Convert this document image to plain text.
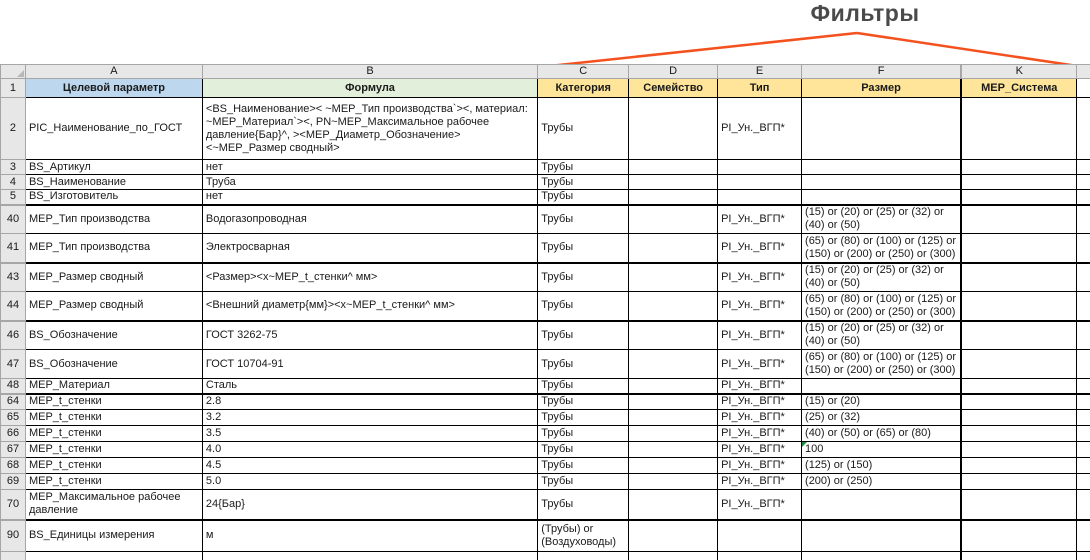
Фильтры
	A	B	C	D	E	F	K	
1	Целевой параметр	Формула	Категория	Семейство	Тип	Размер	МЕР_Система	
2	PIC_Наименование_по_ГОСТ	<BS_Наименование>< ~МЕР_Тип производства`><, материал: ~МЕР_Материал`><, PN~МЕР_Максимальное рабочее давление{Бар}^, ><МЕР_Диаметр_Обозначение><~МЕР_Размер сводный>	Трубы		PI_Ун._ВГП*			
3	BS_Артикул	нет	Трубы					
4	BS_Наименование	Труба	Трубы					
5	BS_Изготовитель	нет	Трубы					
40	МЕР_Тип производства	Водогазопроводная	Трубы		PI_Ун._ВГП*	(15) or (20) or (25) or (32) or (40) or (50)		
41	МЕР_Тип производства	Электросварная	Трубы		PI_Ун._ВГП*	(65) or (80) or (100) or (125) or (150) or (200) or (250) or (300)		
43	МЕР_Размер сводный	<Размер><x~MEP_t_стенки^ мм>	Трубы		PI_Ун._ВГП*	(15) or (20) or (25) or (32) or (40) or (50)		
44	МЕР_Размер сводный	<Внешний диаметр{мм}><x~MEP_t_стенки^ мм>	Трубы		PI_Ун._ВГП*	(65) or (80) or (100) or (125) or (150) or (200) or (250) or (300)		
46	BS_Обозначение	ГОСТ 3262-75	Трубы		PI_Ун._ВГП*	(15) or (20) or (25) or (32) or (40) or (50)		
47	BS_Обозначение	ГОСТ 10704-91	Трубы		PI_Ун._ВГП*	(65) or (80) or (100) or (125) or (150) or (200) or (250) or (300)		
48	МЕР_Материал	Сталь	Трубы		PI_Ун._ВГП*			
64	MEP_t_стенки	2.8	Трубы		PI_Ун._ВГП*	(15) or (20)		
65	MEP_t_стенки	3.2	Трубы		PI_Ун._ВГП*	(25) or (32)		
66	MEP_t_стенки	3.5	Трубы		PI_Ун._ВГП*	(40) or (50) or (65) or (80)		
67	MEP_t_стенки	4.0	Трубы		PI_Ун._ВГП*	100		
68	MEP_t_стенки	4.5	Трубы		PI_Ун._ВГП*	(125) or (150)		
69	MEP_t_стенки	5.0	Трубы		PI_Ун._ВГП*	(200) or (250)		
70	МЕР_Максимальное рабочее давление	24{Бар}	Трубы		PI_Ун._ВГП*			
90	BS_Единицы измерения	м	(Трубы) or (Воздуховоды)					
